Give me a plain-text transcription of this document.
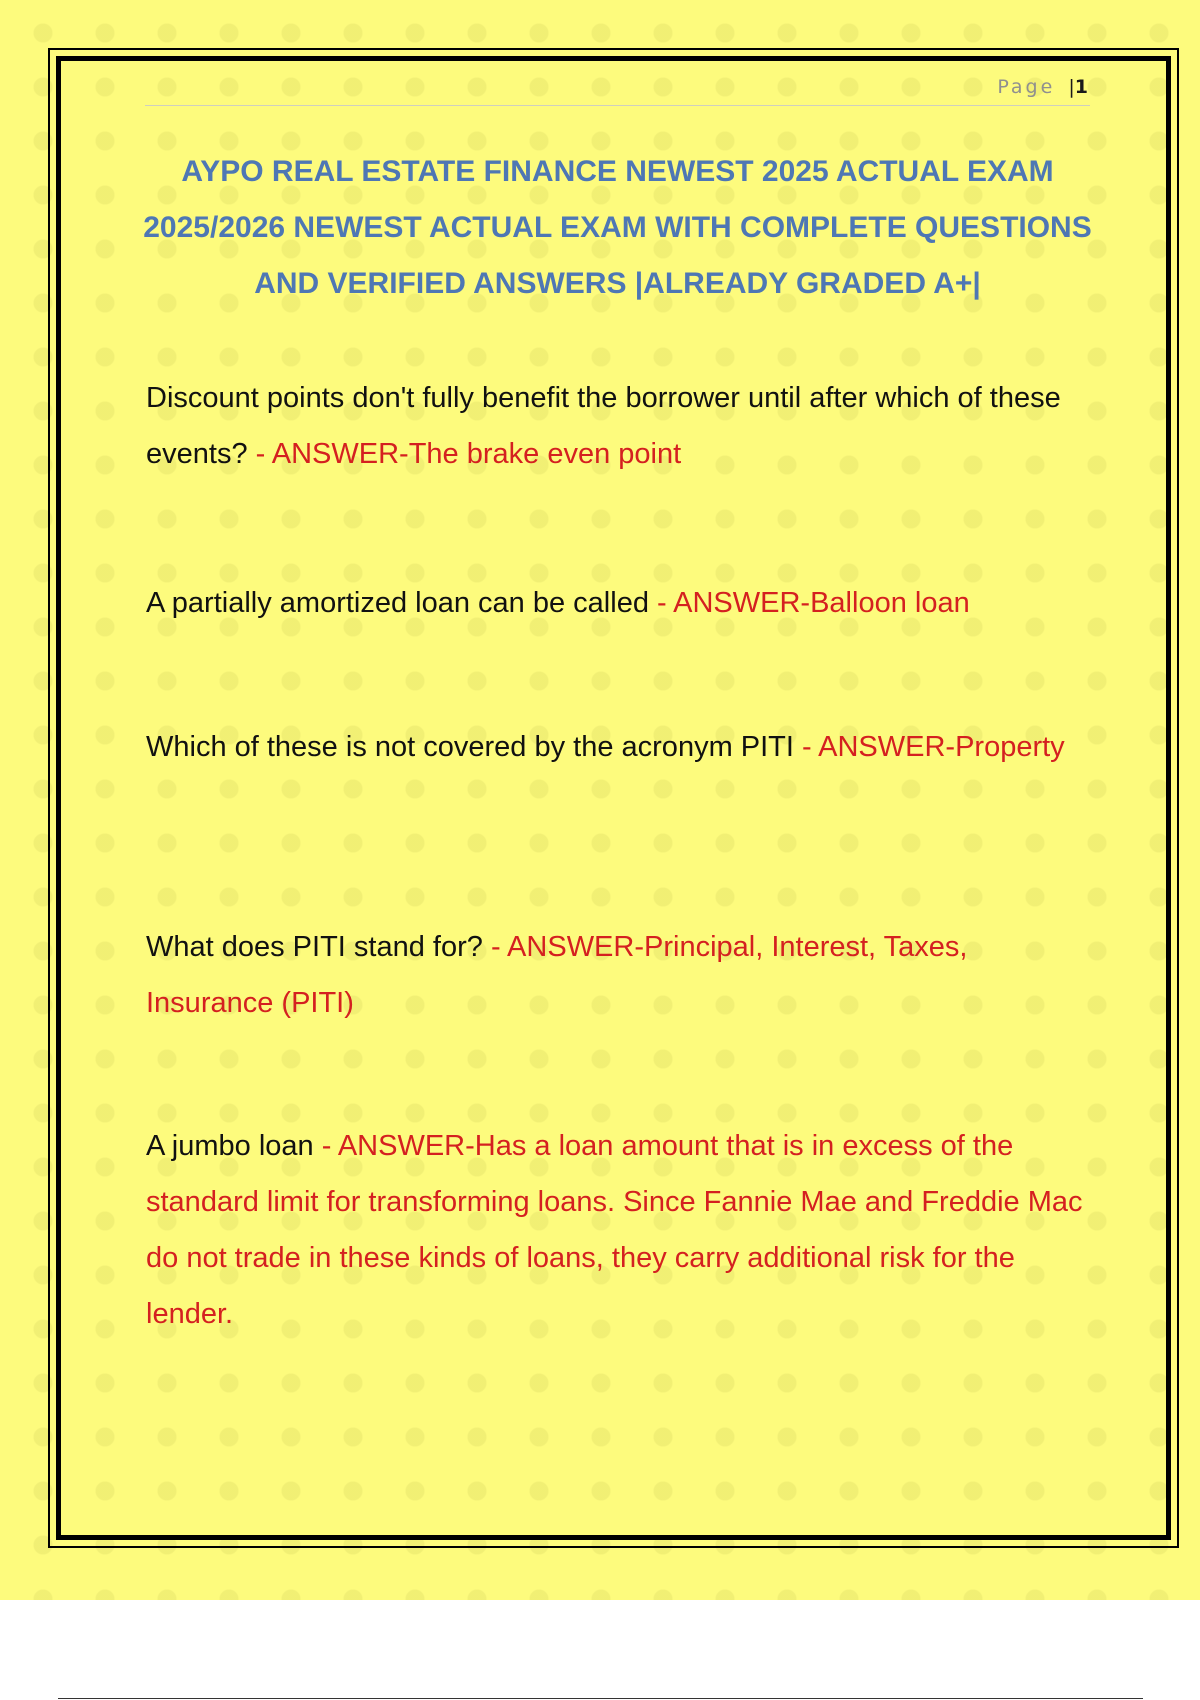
Page |1
AYPO REAL ESTATE FINANCE NEWEST 2025 ACTUAL EXAM 2025/2026 NEWEST ACTUAL EXAM WITH COMPLETE QUESTIONS AND VERIFIED ANSWERS |ALREADY GRADED A+|

Discount points don't fully benefit the borrower until after which of these events? - ANSWER-The brake even point

A partially amortized loan can be called - ANSWER-Balloon loan

Which of these is not covered by the acronym PITI - ANSWER-Property

What does PITI stand for? - ANSWER-Principal, Interest, Taxes, Insurance (PITI)

A jumbo loan - ANSWER-Has a loan amount that is in excess of the standard limit for transforming loans. Since Fannie Mae and Freddie Mac do not trade in these kinds of loans, they carry additional risk for the lender.
